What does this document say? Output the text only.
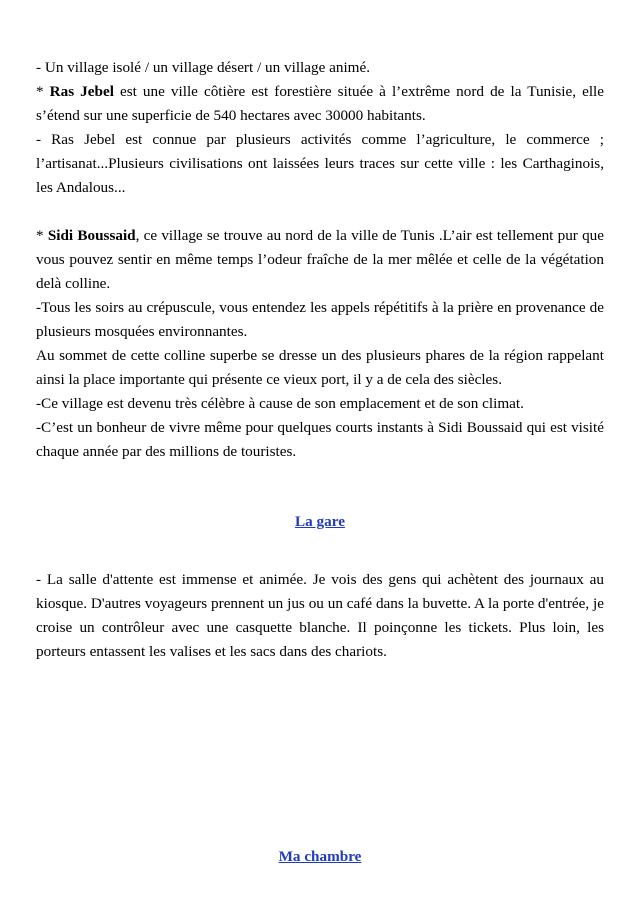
- Un village isolé / un village désert / un village animé.

* Ras Jebel est une ville côtière est forestière située à l’extrême nord de la Tunisie, elle s’étend sur une superficie de 540 hectares avec 30000 habitants.

- Ras Jebel est connue par plusieurs activités comme l’agriculture, le commerce ; l’artisanat...Plusieurs civilisations ont laissées leurs traces sur cette ville : les Carthaginois, les Andalous...

* Sidi Boussaid, ce village se trouve au nord de la ville de Tunis .L’air est tellement pur que vous pouvez sentir en même temps l’odeur fraîche de la mer mêlée et celle de la végétation delà colline.

-Tous les soirs au crépuscule, vous entendez les appels répétitifs à la prière en provenance de plusieurs mosquées environnantes.

Au sommet de cette colline superbe se dresse un des plusieurs phares de la région rappelant ainsi la place importante qui présente ce vieux port, il y a de cela des siècles.

-Ce village est devenu très célèbre à cause de son emplacement et de son climat.

-C’est un bonheur de vivre même pour quelques courts instants à Sidi Boussaid qui est visité chaque année par des millions de touristes.

La gare

- La salle d'attente est immense et animée. Je vois des gens qui achètent des journaux au kiosque. D'autres voyageurs prennent un jus ou un café dans la buvette. A la porte d'entrée, je croise un contrôleur avec une casquette blanche. Il poinçonne les tickets. Plus loin, les porteurs entassent les valises et les sacs dans des chariots.

Ma chambre
